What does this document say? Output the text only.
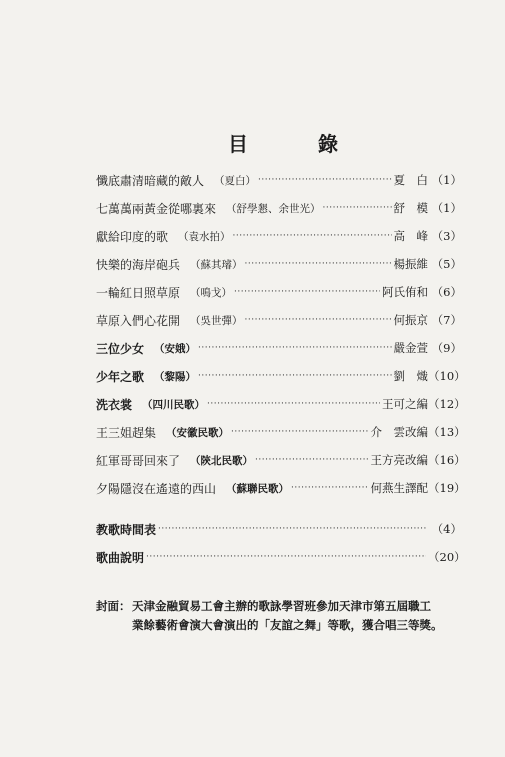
目	錄
懺底肅清暗藏的敵人 （夏白） ·····	夏　白 （1）
七萬萬兩黃金從哪裏來 （舒學懇、余世光） ·····	舒　模 （1）
獻給印度的歌 （袁水拍） ·····	高　峰 （3）
快樂的海岸砲兵 （蘇其璿） ·····	楊振維 （5）
一輪紅日照草原 （鳴戈） ·····	阿氏侑和 （6）
草原入們心花開 （吳世彈） ·····	何振京 （7）
三位少女 （安娥） ·····	嚴金萱 （9）
少年之歌 （黎陽） ·····	劉　熾 （10）
洗衣裳 （四川民歌） ·····	王可之編 （12）
王三姐趕集 （安徽民歌） ·····	介　雲改編 （13）
紅軍哥哥回來了 （陝北民歌） ·····	王方亮改編 （16）
夕陽隱沒在遙遠的西山 （蘇聯民歌） ·····	何燕生譯配 （19）
教歌時間表 ·····	（4）
歌曲說明 ·····	（20）
封面： 天津金融貿易工會主辦的歌詠學習班參加天津市第五屆職工
業餘藝術會演大會演出的「友誼之舞」等歌，獲合唱三等獎。
